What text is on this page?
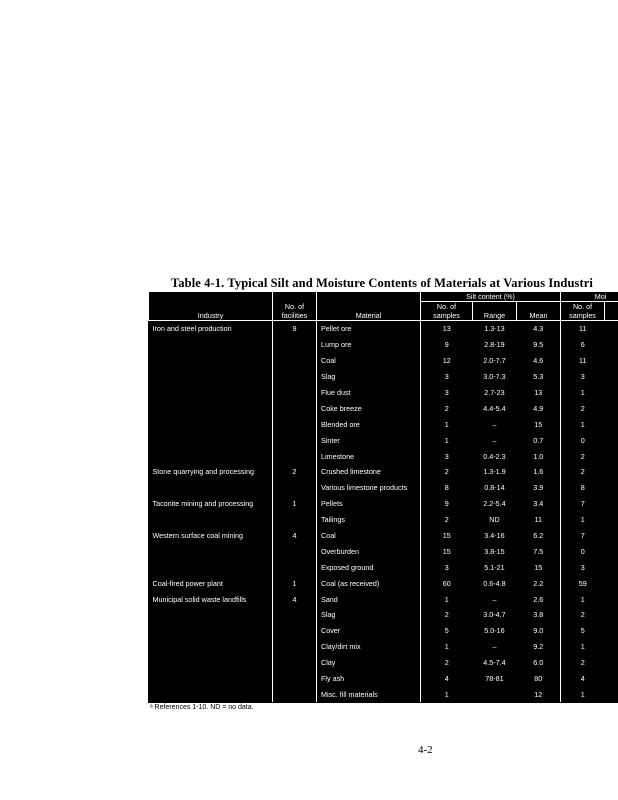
Table 4-1. Typical Silt and Moisture Contents of Materials at Various Industri
Industry	No. of facilities	Material	Silt content (%)			Moi	
			No. of samples	Range	Mean	No. of samples	
Iron and steel production	9	Pellet ore	13	1.3-13	4.3	11	
		Lump ore	9	2.8-19	9.5	6	
		Coal	12	2.0-7.7	4.6	11	
		Slag	3	3.0-7.3	5.3	3	
		Flue dust	3	2.7-23	13	1	
		Coke breeze	2	4.4-5.4	4.9	2	
		Blended ore	1	–	15	1	
		Sinter	1	–	0.7	0	
		Limestone	3	0.4-2.3	1.0	2	
Stone quarrying and processing	2	Crushed limestone	2	1.3-1.9	1.6	2	
		Various limestone products	8	0.8-14	3.9	8	
Taconite mining and processing	1	Pellets	9	2.2-5.4	3.4	7	
		Tailings	2	ND	11	1	
Western surface coal mining	4	Coal	15	3.4-16	6.2	7	
		Overburden	15	3.8-15	7.5	0	
		Exposed ground	3	5.1-21	15	3	
Coal-fired power plant	1	Coal (as received)	60	0.6-4.8	2.2	59	
Municipal solid waste landfills	4	Sand	1	–	2.6	1	
		Slag	2	3.0-4.7	3.8	2	
		Cover	5	5.0-16	9.0	5	
		Clay/dirt mix	1	–	9.2	1	
		Clay	2	4.5-7.4	6.0	2	
		Fly ash	4	78-81	80	4	
		Misc. fill materials	1		12	1	
ᵃ References 1-10. ND = no data.
4-2
